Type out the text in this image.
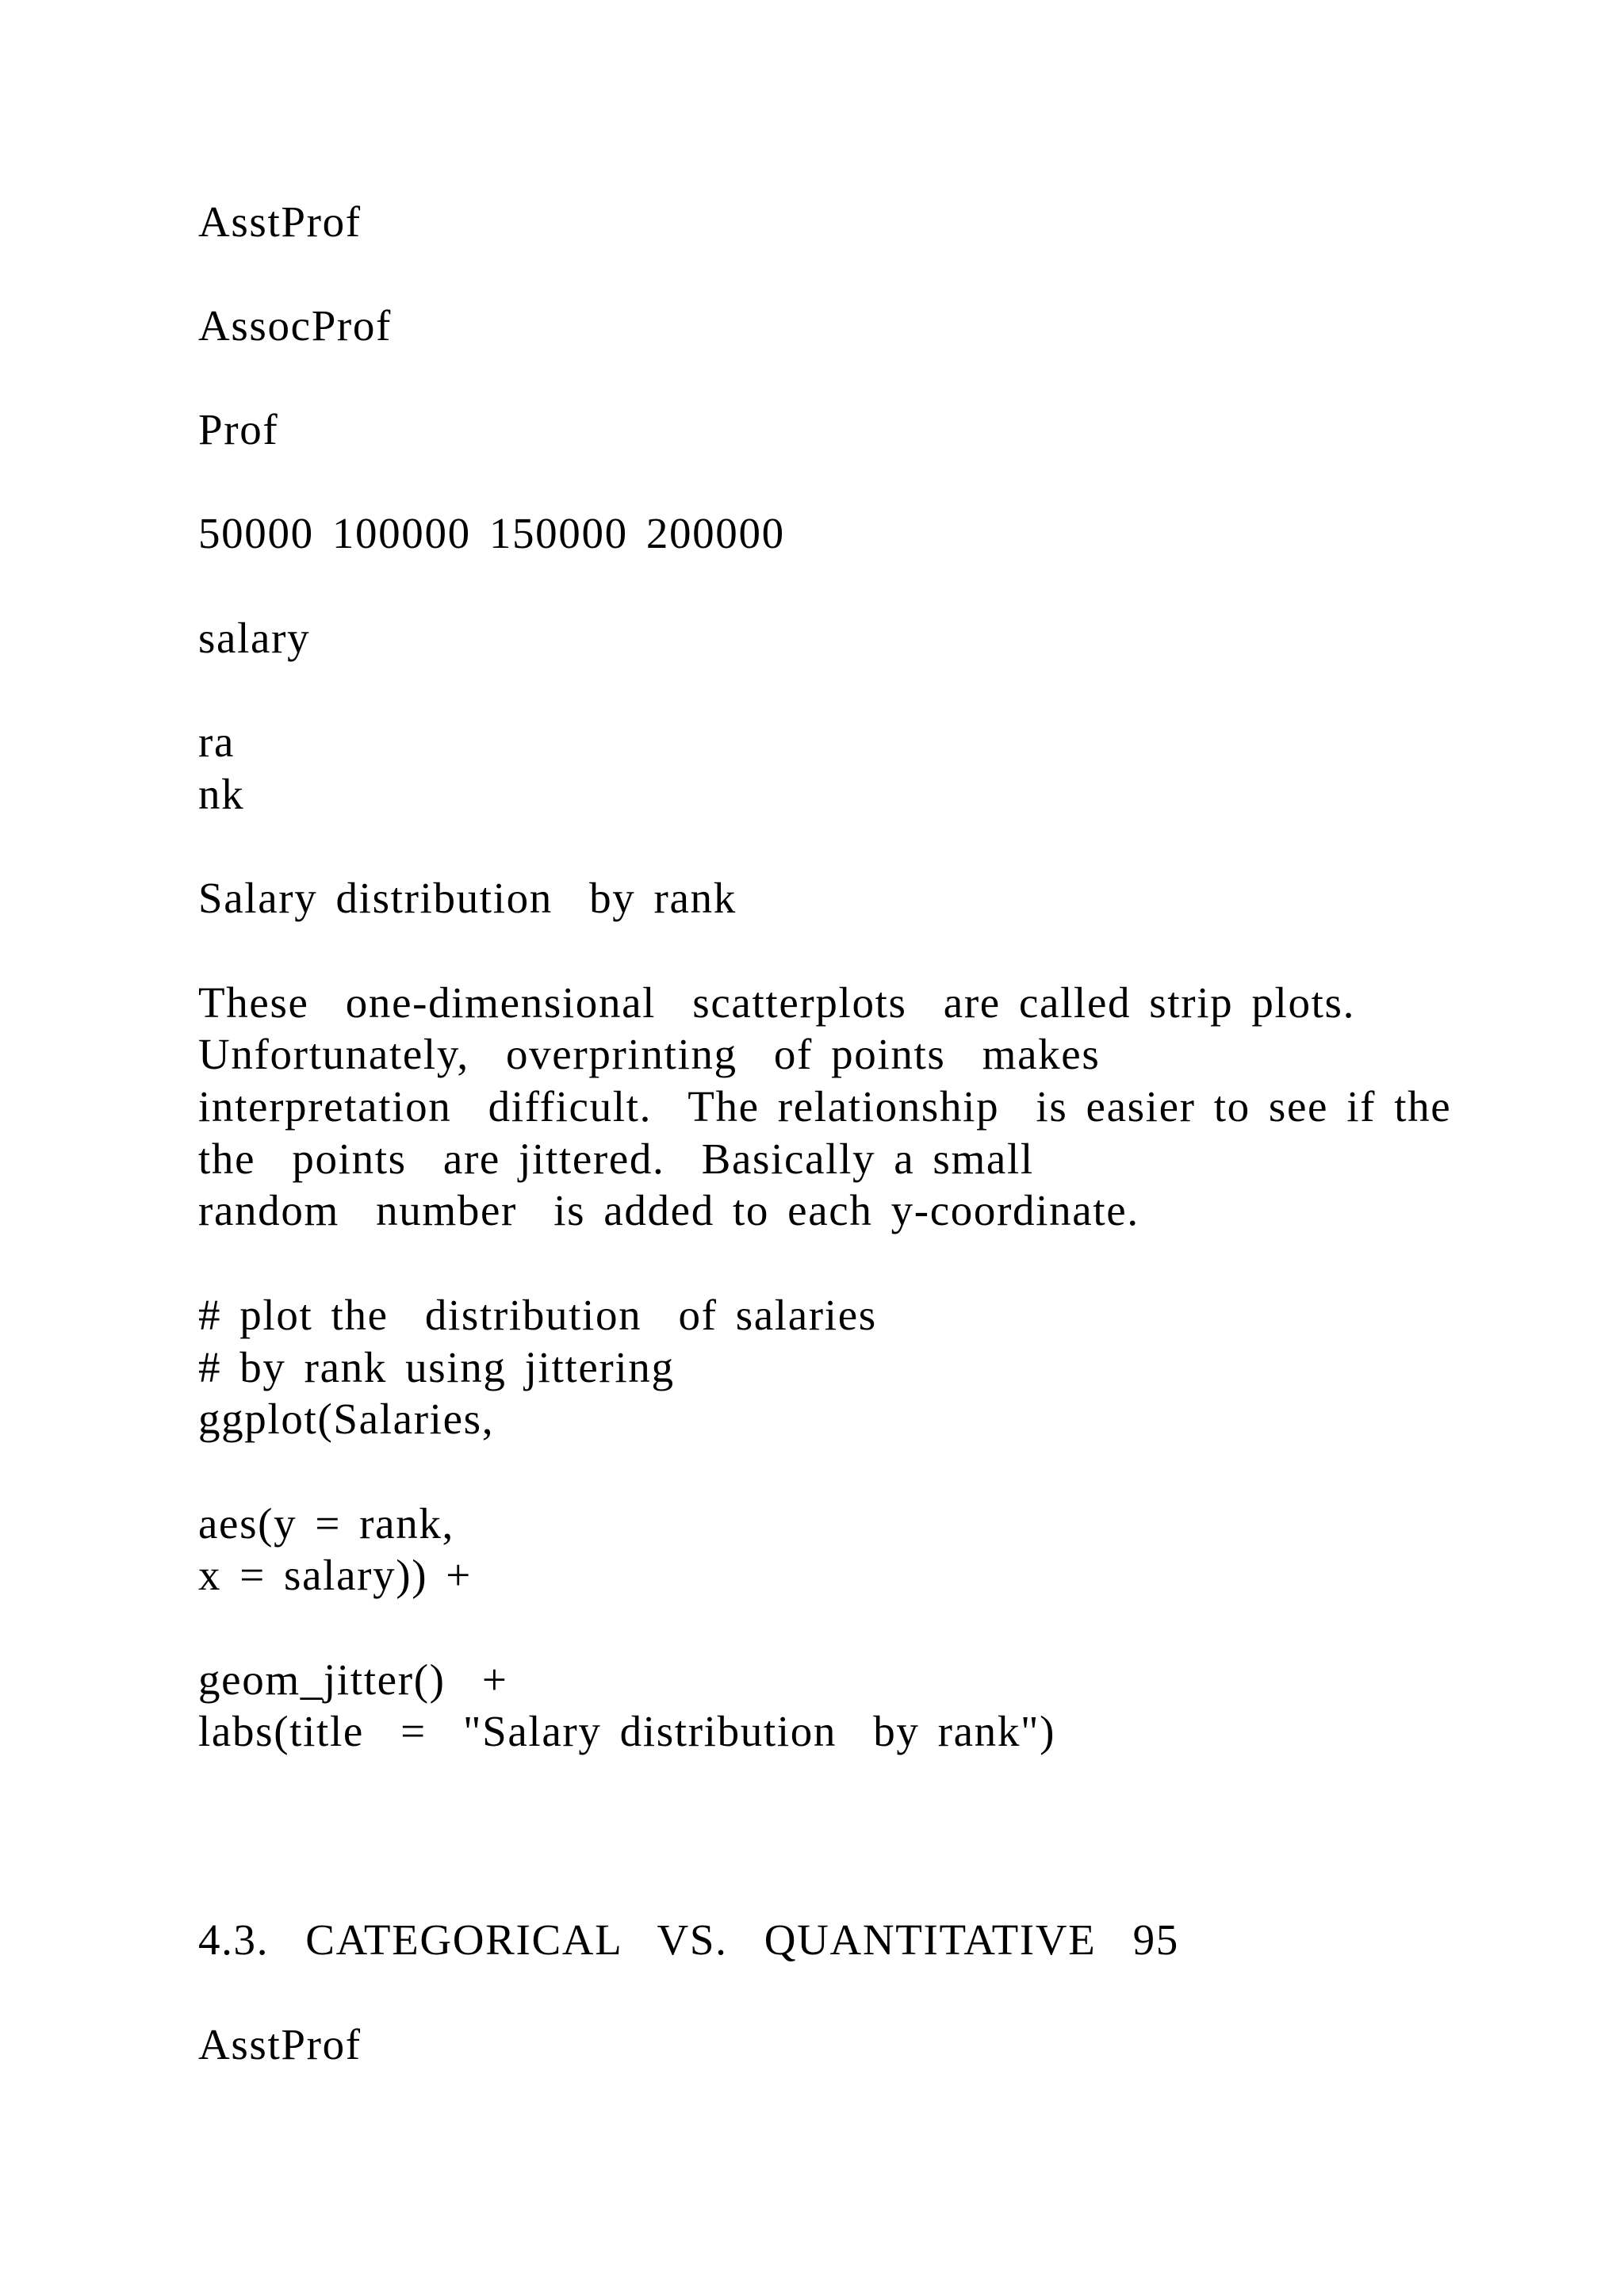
AsstProf
AssocProf
Prof
50000 100000 150000 200000
salary
ra
nk
Salary distribution  by rank
These  one-dimensional  scatterplots  are called strip plots.
Unfortunately,  overprinting  of points  makes
interpretation  difficult.  The relationship  is easier to see if the
the  points  are jittered.  Basically a small
random  number  is added to each y-coordinate.
# plot the  distribution  of salaries
# by rank using jittering
ggplot(Salaries,
aes(y = rank,
x = salary)) +
geom_jitter()  +
labs(title  =  "Salary distribution  by rank")
4.3.  CATEGORICAL  VS.  QUANTITATIVE  95
AsstProf
